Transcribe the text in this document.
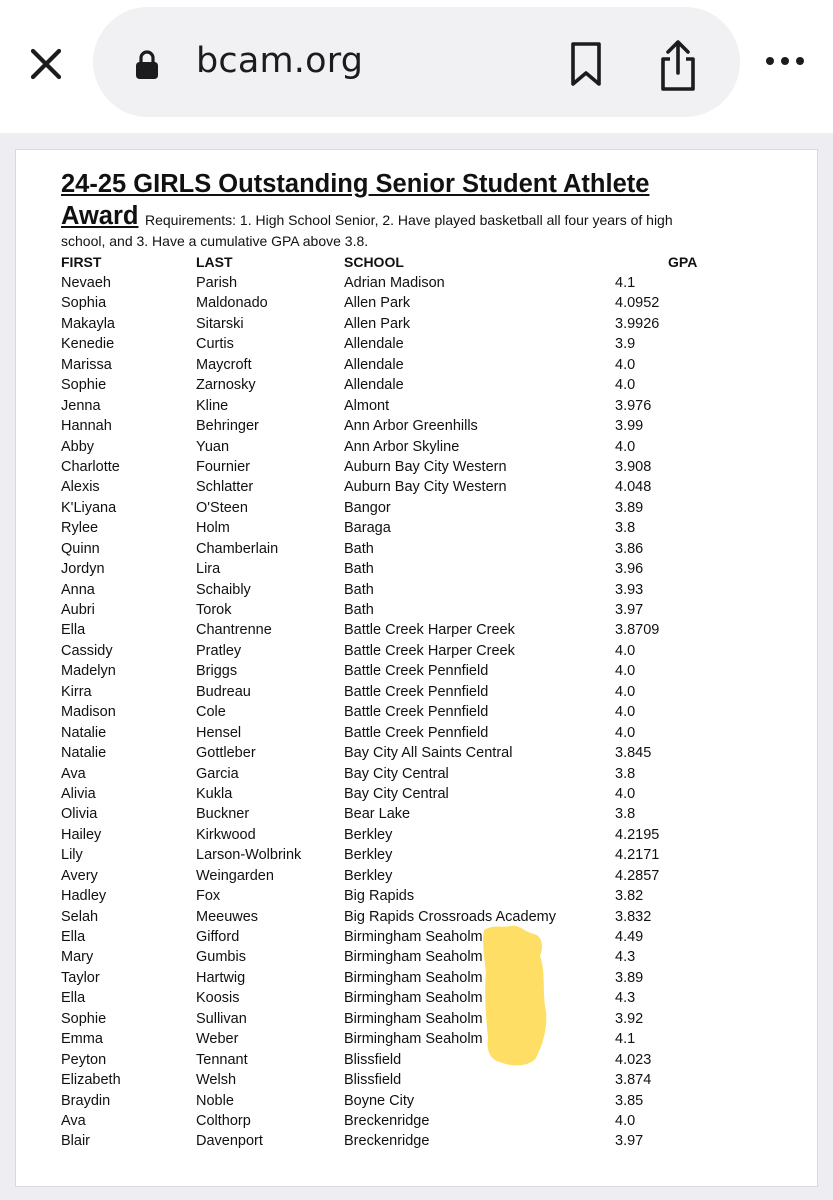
bcam.org
24-25 GIRLS Outstanding Senior Student Athlete
Award Requirements: 1. High School Senior, 2. Have played basketball all four years of high
school, and 3. Have a cumulative GPA above 3.8.
FIRST	LAST	SCHOOL	GPA
Nevaeh	Parish	Adrian Madison	4.1
Sophia	Maldonado	Allen Park	4.0952
Makayla	Sitarski	Allen Park	3.9926
Kenedie	Curtis	Allendale	3.9
Marissa	Maycroft	Allendale	4.0
Sophie	Zarnosky	Allendale	4.0
Jenna	Kline	Almont	3.976
Hannah	Behringer	Ann Arbor Greenhills	3.99
Abby	Yuan	Ann Arbor Skyline	4.0
Charlotte	Fournier	Auburn Bay City Western	3.908
Alexis	Schlatter	Auburn Bay City Western	4.048
K'Liyana	O'Steen	Bangor	3.89
Rylee	Holm	Baraga	3.8
Quinn	Chamberlain	Bath	3.86
Jordyn	Lira	Bath	3.96
Anna	Schaibly	Bath	3.93
Aubri	Torok	Bath	3.97
Ella	Chantrenne	Battle Creek Harper Creek	3.8709
Cassidy	Pratley	Battle Creek Harper Creek	4.0
Madelyn	Briggs	Battle Creek Pennfield	4.0
Kirra	Budreau	Battle Creek Pennfield	4.0
Madison	Cole	Battle Creek Pennfield	4.0
Natalie	Hensel	Battle Creek Pennfield	4.0
Natalie	Gottleber	Bay City All Saints Central	3.845
Ava	Garcia	Bay City Central	3.8
Alivia	Kukla	Bay City Central	4.0
Olivia	Buckner	Bear Lake	3.8
Hailey	Kirkwood	Berkley	4.2195
Lily	Larson-Wolbrink	Berkley	4.2171
Avery	Weingarden	Berkley	4.2857
Hadley	Fox	Big Rapids	3.82
Selah	Meeuwes	Big Rapids Crossroads Academy	3.832
Ella	Gifford	Birmingham Seaholm	4.49
Mary	Gumbis	Birmingham Seaholm	4.3
Taylor	Hartwig	Birmingham Seaholm	3.89
Ella	Koosis	Birmingham Seaholm	4.3
Sophie	Sullivan	Birmingham Seaholm	3.92
Emma	Weber	Birmingham Seaholm	4.1
Peyton	Tennant	Blissfield	4.023
Elizabeth	Welsh	Blissfield	3.874
Braydin	Noble	Boyne City	3.85
Ava	Colthorp	Breckenridge	4.0
Blair	Davenport	Breckenridge	3.97
